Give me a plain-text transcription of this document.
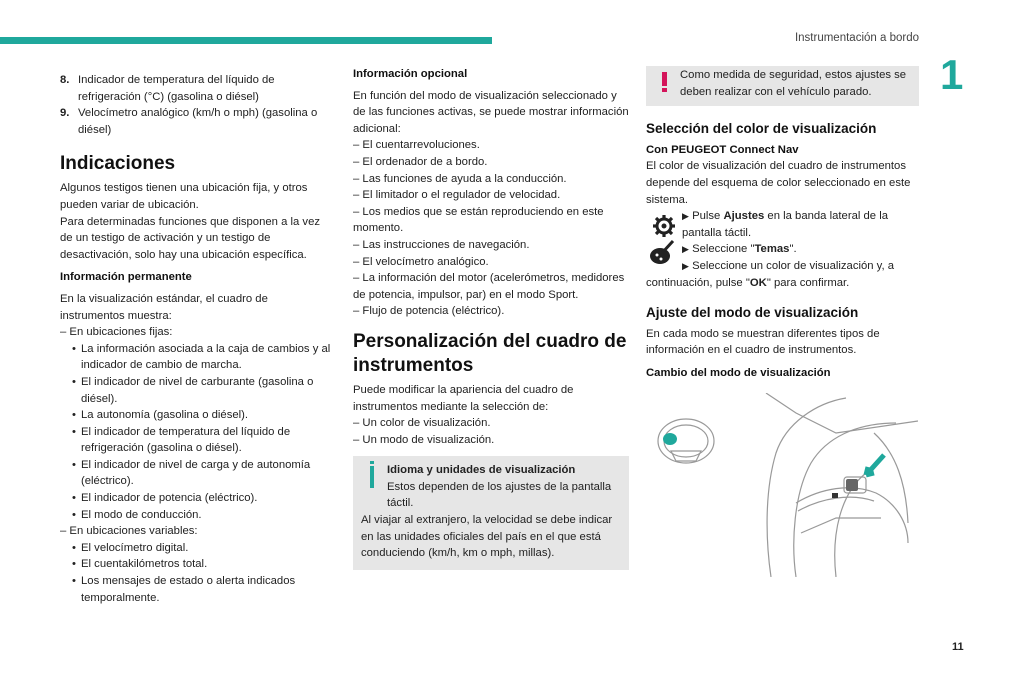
Instrumentación a bordo
1
8. Indicador de temperatura del líquido de refrigeración (°C) (gasolina o diésel)
9. Velocímetro analógico (km/h o mph) (gasolina o diésel)
Indicaciones

Algunos testigos tienen una ubicación fija, y otros pueden variar de ubicación.

Para determinadas funciones que disponen a la vez de un testigo de activación y un testigo de desactivación, solo hay una ubicación específica.

Información permanente

En la visualización estándar, el cuadro de instrumentos muestra:

– En ubicaciones fijas:

• La información asociada a la caja de cambios y al indicador de cambio de marcha.
• El indicador de nivel de carburante (gasolina o diésel).
• La autonomía (gasolina o diésel).
• El indicador de temperatura del líquido de refrigeración (gasolina o diésel).
• El indicador de nivel de carga y de autonomía (eléctrico).
• El indicador de potencia (eléctrico).
• El modo de conducción.

– En ubicaciones variables:

• El velocímetro digital.
• El cuentakilómetros total.
• Los mensajes de estado o alerta indicados temporalmente.
Información opcional

En función del modo de visualización seleccionado y de las funciones activas, se puede mostrar información adicional:

– El cuentarrevoluciones.

– El ordenador de a bordo.

– Las funciones de ayuda a la conducción.

– El limitador o el regulador de velocidad.

– Los medios que se están reproduciendo en este momento.

– Las instrucciones de navegación.

– El velocímetro analógico.

– La información del motor (acelerómetros, medidores de potencia, impulsor, par) en el modo Sport.

– Flujo de potencia (eléctrico).

Personalización del cuadro de instrumentos

Puede modificar la apariencia del cuadro de instrumentos mediante la selección de:

– Un color de visualización.

– Un modo de visualización.

Idioma y unidades de visualización

Estos dependen de los ajustes de la pantalla táctil.

Al viajar al extranjero, la velocidad se debe indicar en las unidades oficiales del país en el que está conduciendo (km/h, km o mph, millas).

Como medida de seguridad, estos ajustes se deben realizar con el vehículo parado.

Selección del color de visualización
Con PEUGEOT Connect Nav

El color de visualización del cuadro de instrumentos depende del esquema de color seleccionado en este sistema.

▶ Pulse Ajustes en la banda lateral de la pantalla táctil.

▶ Seleccione "Temas".

▶ Seleccione un color de visualización y, a continuación, pulse "OK" para confirmar.

Ajuste del modo de visualización

En cada modo se muestran diferentes tipos de información en el cuadro de instrumentos.

Cambio del modo de visualización
11
